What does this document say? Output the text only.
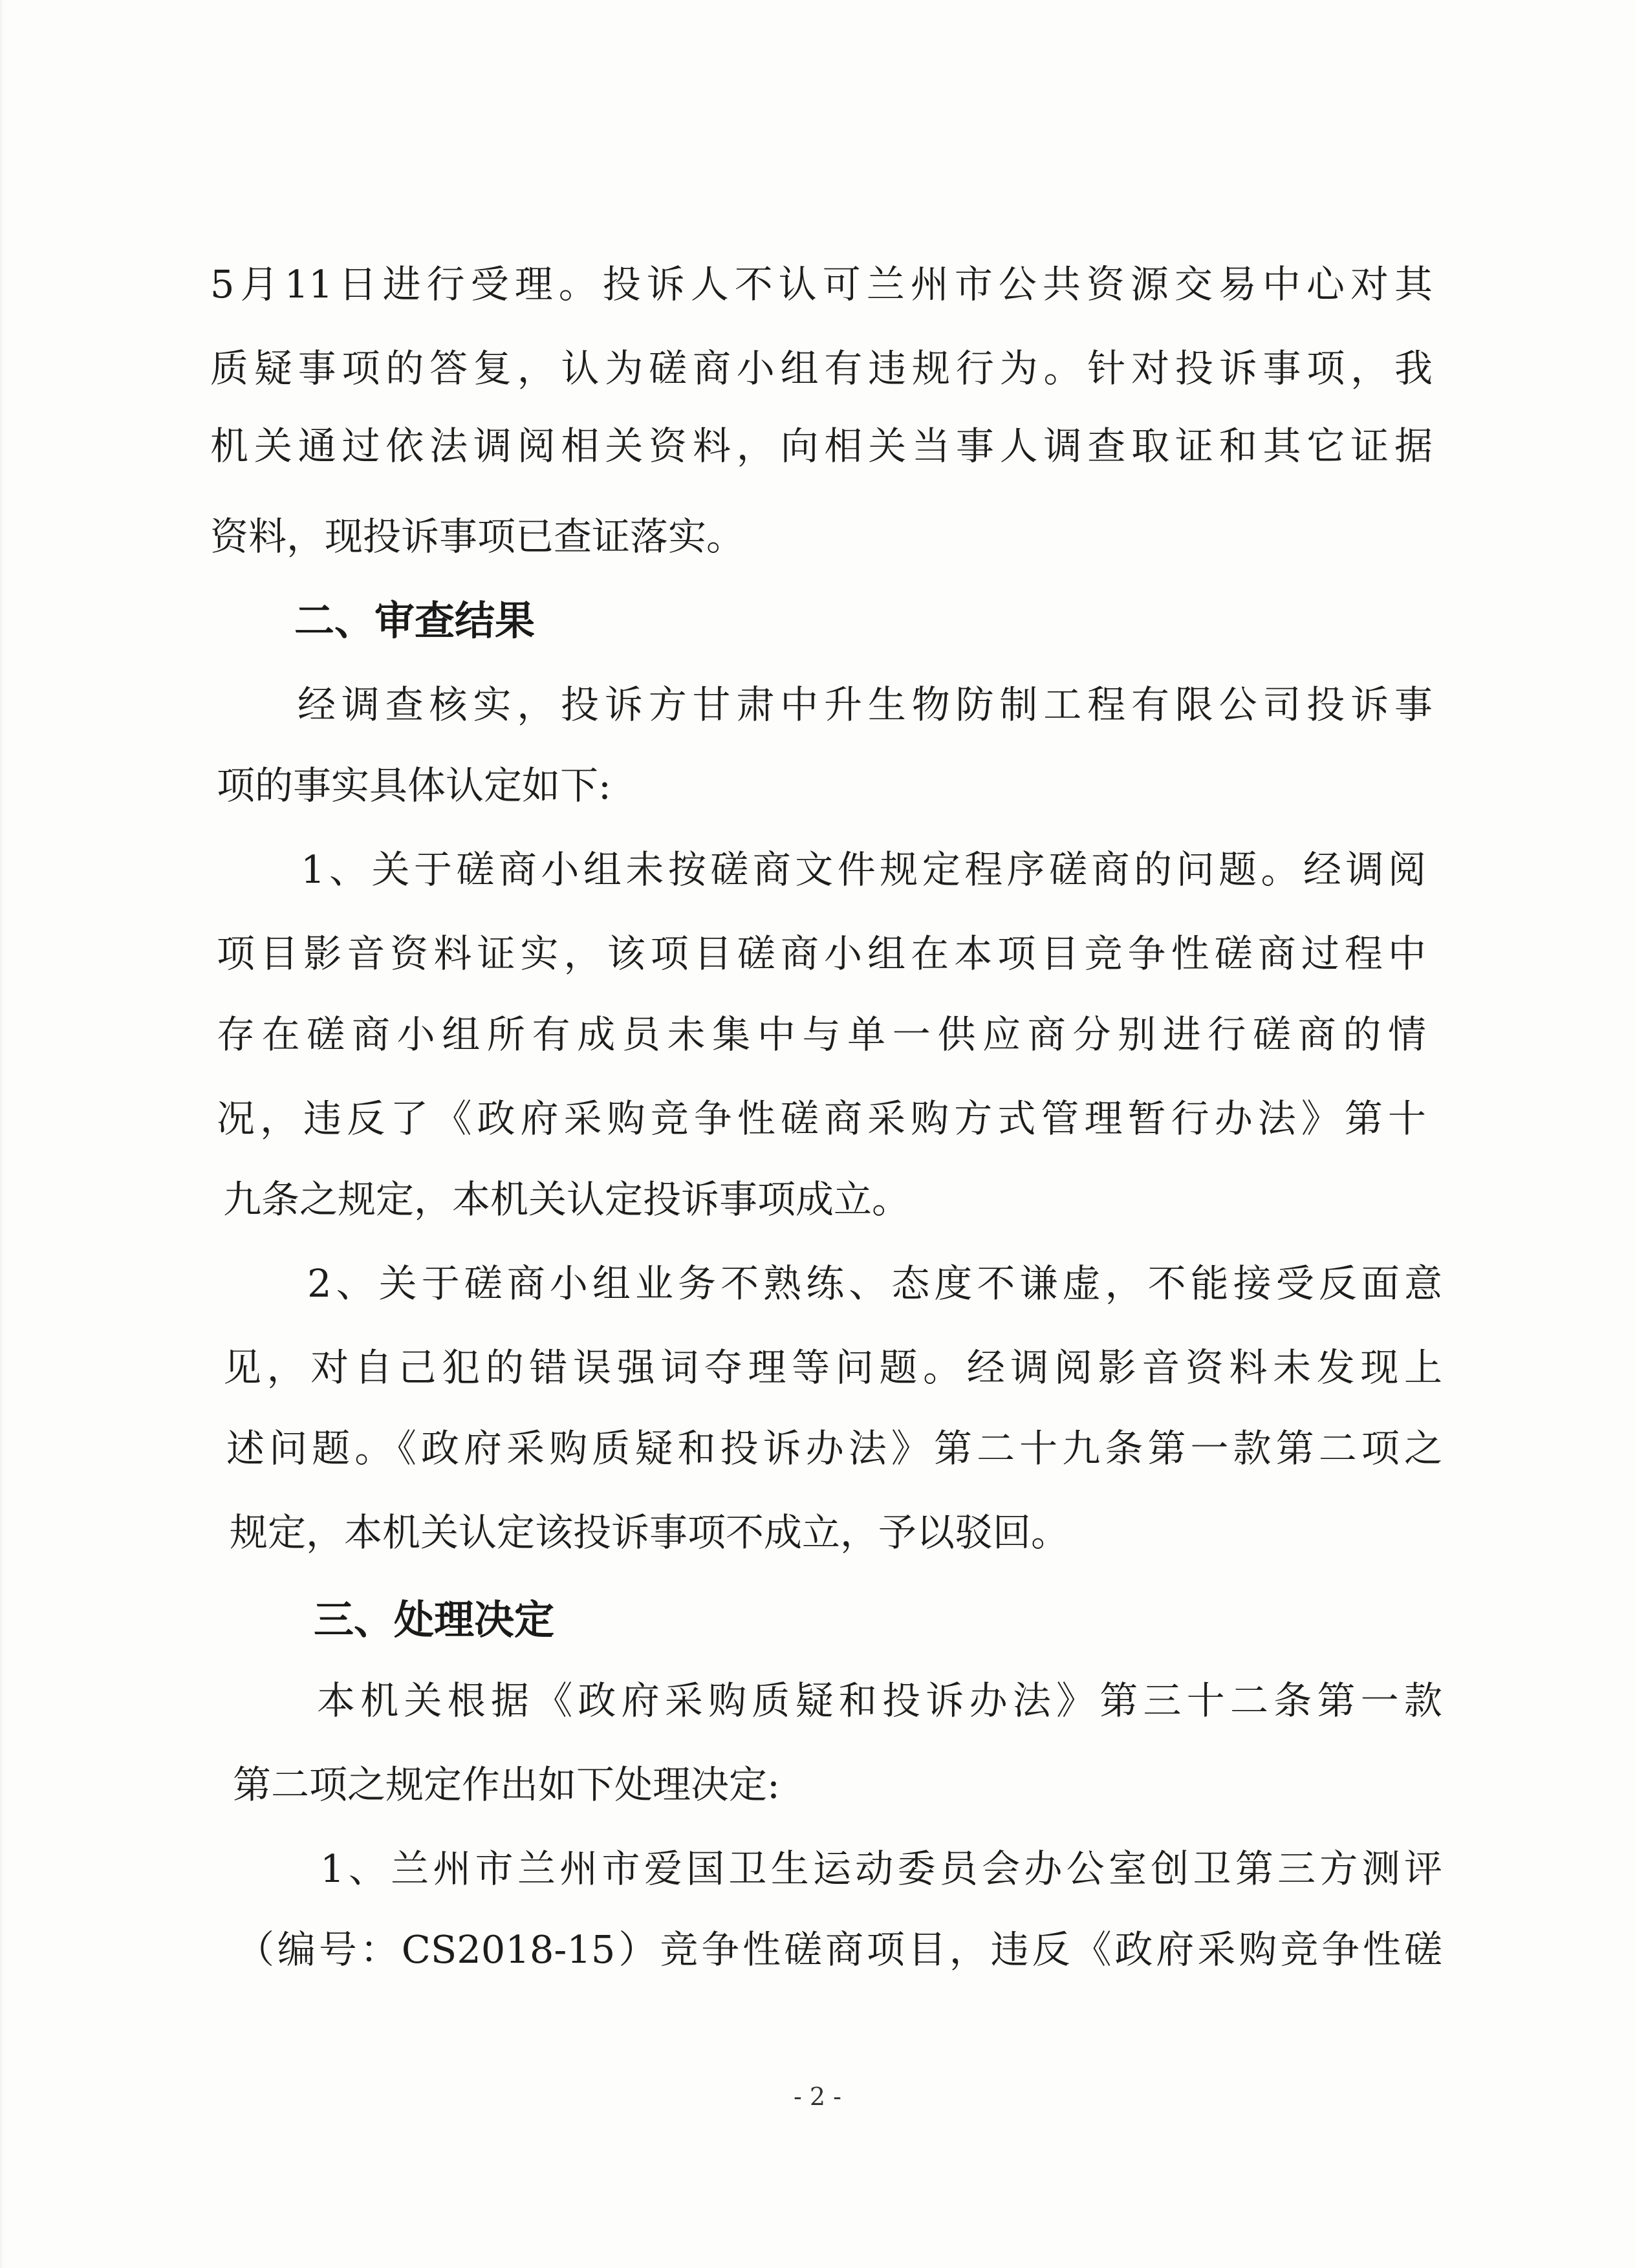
5月11日进行受理。投诉人不认可兰州市公共资源交易中心对其
质疑事项的答复，认为磋商小组有违规行为。针对投诉事项，我
机关通过依法调阅相关资料，向相关当事人调查取证和其它证据
资料，现投诉事项已查证落实。
二、审查结果
经调查核实，投诉方甘肃中升生物防制工程有限公司投诉事
项的事实具体认定如下:
1、关于磋商小组未按磋商文件规定程序磋商的问题。经调阅
项目影音资料证实，该项目磋商小组在本项目竞争性磋商过程中
存在磋商小组所有成员未集中与单一供应商分别进行磋商的情
况，违反了《政府采购竞争性磋商采购方式管理暂行办法》第十
九条之规定，本机关认定投诉事项成立。
2、关于磋商小组业务不熟练、态度不谦虚，不能接受反面意
见，对自己犯的错误强词夺理等问题。经调阅影音资料未发现上
述问题。《政府采购质疑和投诉办法》第二十九条第一款第二项之
规定，本机关认定该投诉事项不成立，予以驳回。
三、处理决定
本机关根据《政府采购质疑和投诉办法》第三十二条第一款
第二项之规定作出如下处理决定:
1、兰州市兰州市爱国卫生运动委员会办公室创卫第三方测评
（编号：CS2018-15）竞争性磋商项目，违反《政府采购竞争性磋
- 2 -
